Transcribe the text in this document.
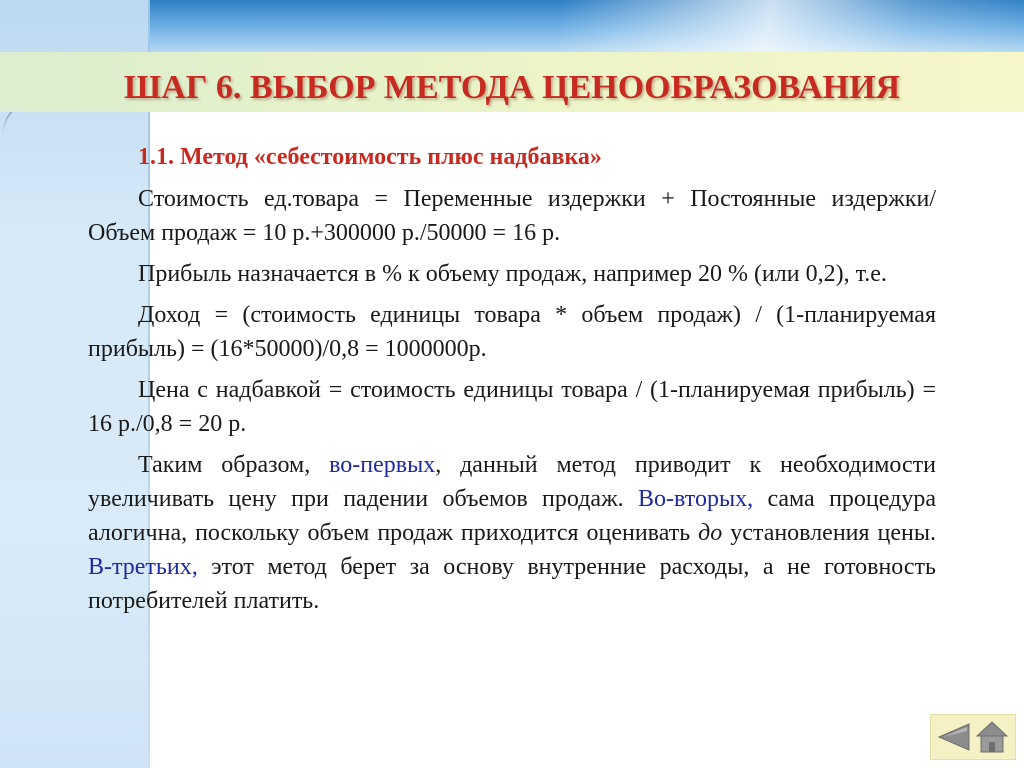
ШАГ 6. ВЫБОР МЕТОДА ЦЕНООБРАЗОВАНИЯ
1.1. Метод «себестоимость плюс надбавка»

Стоимость ед.товара = Переменные издержки + Постоянные издержки/Объем продаж = 10 р.+300000 р./50000 = 16 р.

Прибыль назначается в % к объему продаж, например 20 % (или 0,2), т.е.

Доход = (стоимость единицы товара * объем продаж) / (1-планируемая прибыль) = (16*50000)/0,8 = 1000000р.

Цена с надбавкой = стоимость единицы товара / (1-планируемая прибыль) = 16 р./0,8 = 20 р.

Таким образом, во-первых, данный метод приводит к необходимости увеличивать цену при падении объемов продаж. Во-вторых, сама процедура алогична, поскольку объем продаж приходится оценивать до установления цены. В-третьих, этот метод берет за основу внутренние расходы, а не готовность потребителей платить.
